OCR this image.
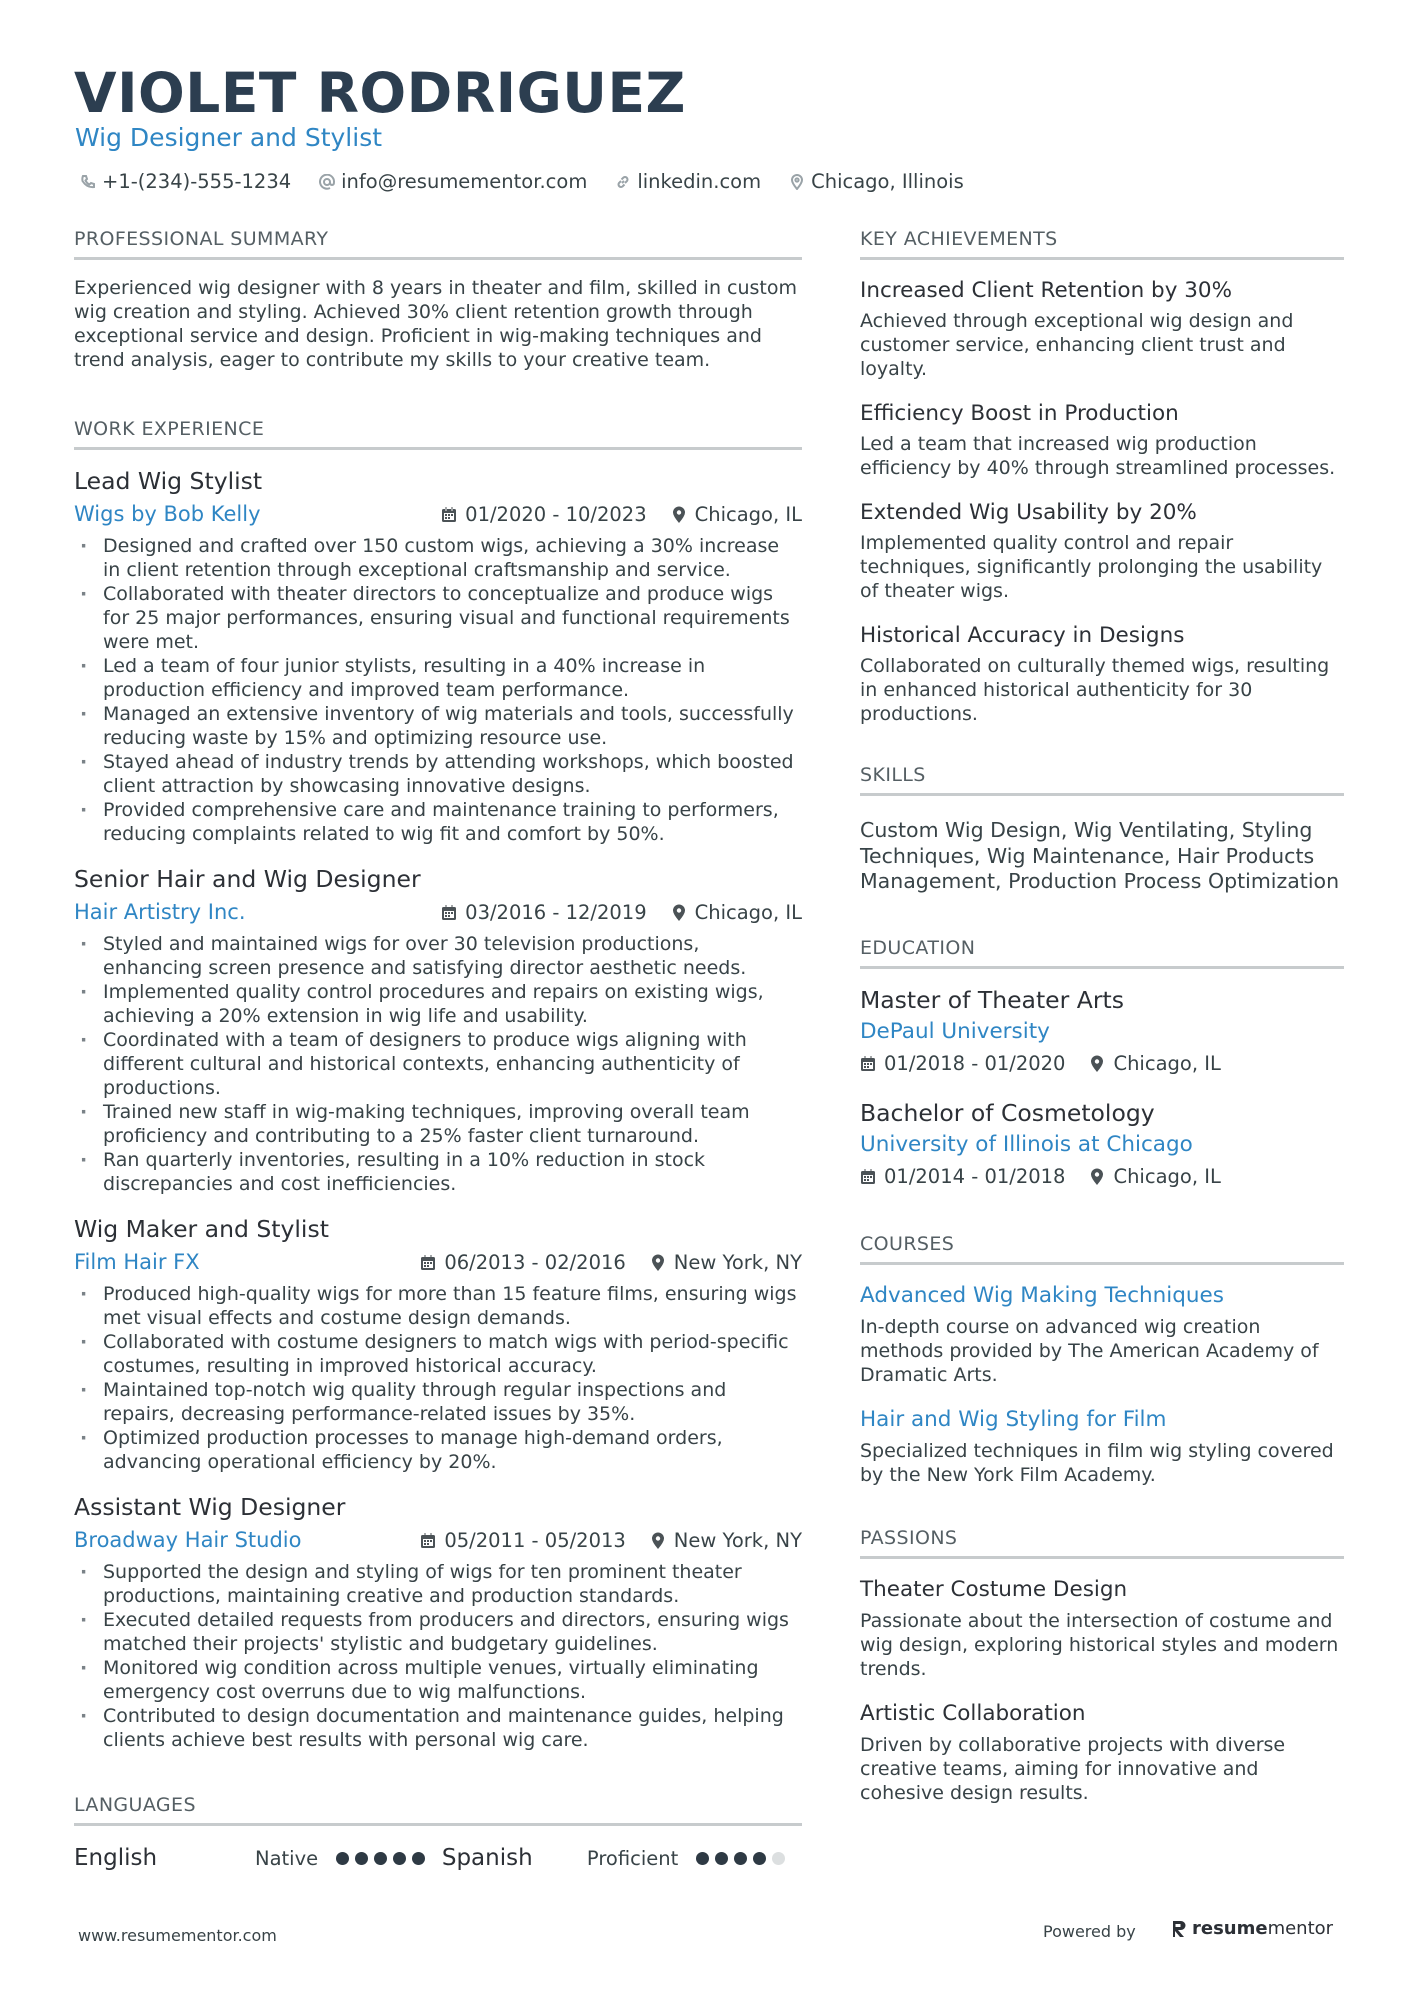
VIOLET RODRIGUEZ
Wig Designer and Stylist
+1-(234)-555-1234	info@resumementor.com	linkedin.com	Chicago, Illinois
PROFESSIONAL SUMMARY
Experienced wig designer with 8 years in theater and film, skilled in custom wig creation and styling. Achieved 30% client retention growth through exceptional service and design. Proficient in wig-making techniques and trend analysis, eager to contribute my skills to your creative team.
WORK EXPERIENCE
Lead Wig Stylist
Wigs by Bob Kelly	01/2020 - 10/2023 Chicago, IL
· Designed and crafted over 150 custom wigs, achieving a 30% increase in client retention through exceptional craftsmanship and service.
· Collaborated with theater directors to conceptualize and produce wigs for 25 major performances, ensuring visual and functional requirements were met.
· Led a team of four junior stylists, resulting in a 40% increase in production efficiency and improved team performance.
· Managed an extensive inventory of wig materials and tools, successfully reducing waste by 15% and optimizing resource use.
· Stayed ahead of industry trends by attending workshops, which boosted client attraction by showcasing innovative designs.
· Provided comprehensive care and maintenance training to performers, reducing complaints related to wig fit and comfort by 50%.
Senior Hair and Wig Designer
Hair Artistry Inc.	03/2016 - 12/2019 Chicago, IL
· Styled and maintained wigs for over 30 television productions, enhancing screen presence and satisfying director aesthetic needs.
· Implemented quality control procedures and repairs on existing wigs, achieving a 20% extension in wig life and usability.
· Coordinated with a team of designers to produce wigs aligning with different cultural and historical contexts, enhancing authenticity of productions.
· Trained new staff in wig-making techniques, improving overall team proficiency and contributing to a 25% faster client turnaround.
· Ran quarterly inventories, resulting in a 10% reduction in stock discrepancies and cost inefficiencies.
Wig Maker and Stylist
Film Hair FX	06/2013 - 02/2016 New York, NY
· Produced high-quality wigs for more than 15 feature films, ensuring wigs met visual effects and costume design demands.
· Collaborated with costume designers to match wigs with period-specific costumes, resulting in improved historical accuracy.
· Maintained top-notch wig quality through regular inspections and repairs, decreasing performance-related issues by 35%.
· Optimized production processes to manage high-demand orders, advancing operational efficiency by 20%.
Assistant Wig Designer
Broadway Hair Studio	05/2011 - 05/2013 New York, NY
· Supported the design and styling of wigs for ten prominent theater productions, maintaining creative and production standards.
· Executed detailed requests from producers and directors, ensuring wigs matched their projects' stylistic and budgetary guidelines.
· Monitored wig condition across multiple venues, virtually eliminating emergency cost overruns due to wig malfunctions.
· Contributed to design documentation and maintenance guides, helping clients achieve best results with personal wig care.
LANGUAGES
English	Native	Spanish	Proficient
KEY ACHIEVEMENTS
Increased Client Retention by 30%
Achieved through exceptional wig design and customer service, enhancing client trust and loyalty.
Efficiency Boost in Production
Led a team that increased wig production efficiency by 40% through streamlined processes.
Extended Wig Usability by 20%
Implemented quality control and repair techniques, significantly prolonging the usability of theater wigs.
Historical Accuracy in Designs
Collaborated on culturally themed wigs, resulting in enhanced historical authenticity for 30 productions.
SKILLS
Custom Wig Design, Wig Ventilating, Styling Techniques, Wig Maintenance, Hair Products Management, Production Process Optimization
EDUCATION
Master of Theater Arts
DePaul University
01/2018 - 01/2020 Chicago, IL
Bachelor of Cosmetology
University of Illinois at Chicago
01/2014 - 01/2018 Chicago, IL
COURSES
Advanced Wig Making Techniques
In-depth course on advanced wig creation methods provided by The American Academy of Dramatic Arts.
Hair and Wig Styling for Film
Specialized techniques in film wig styling covered by the New York Film Academy.
PASSIONS
Theater Costume Design
Passionate about the intersection of costume and wig design, exploring historical styles and modern trends.
Artistic Collaboration
Driven by collaborative projects with diverse creative teams, aiming for innovative and cohesive design results.
www.resumementor.com	Powered by	resume mentor
